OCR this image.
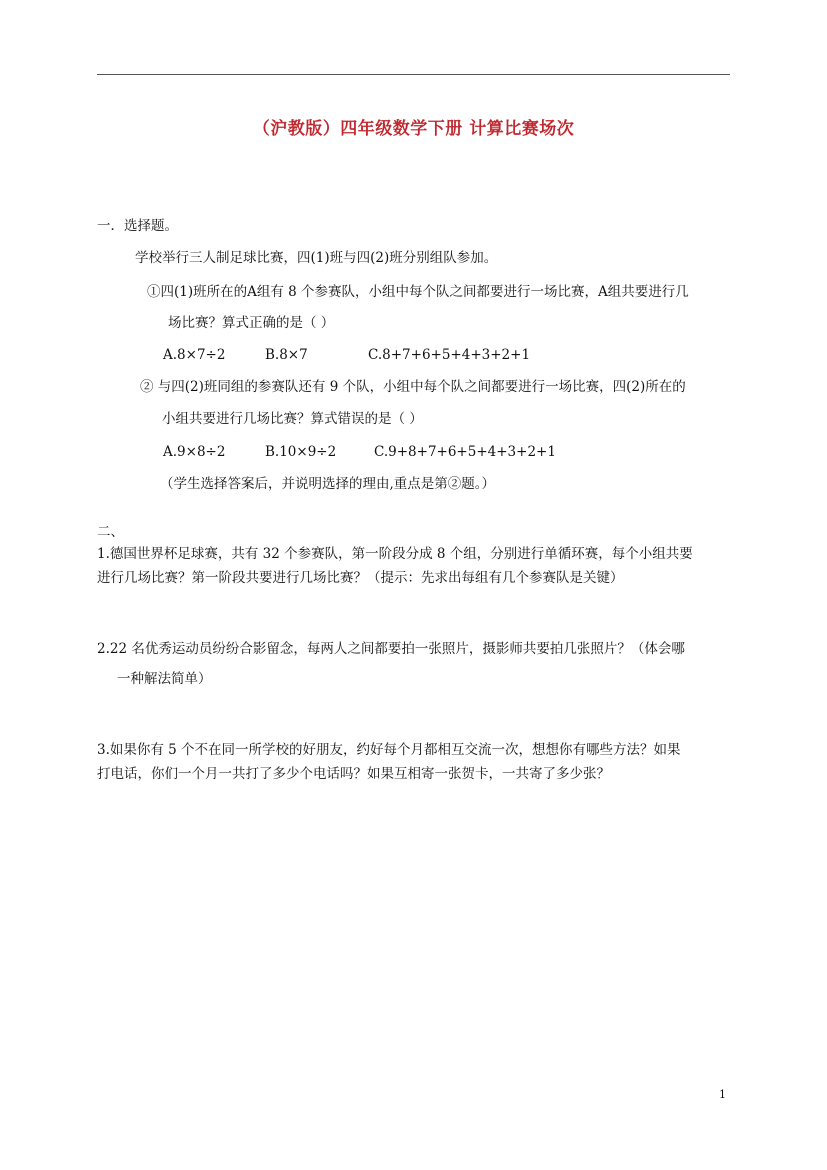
（沪教版）四年级数学下册 计算比赛场次
一．选择题。
学校举行三人制足球比赛，四(1)班与四(2)班分别组队参加。
①四(1)班所在的A组有 8 个参赛队，小组中每个队之间都要进行一场比赛，A组共要进行几
场比赛？算式正确的是（ ）
A.8×7÷2	B.8×7	C.8+7+6+5+4+3+2+1
② 与四(2)班同组的参赛队还有 9 个队，小组中每个队之间都要进行一场比赛，四(2)所在的
小组共要进行几场比赛？算式错误的是（ ）
A.9×8÷2	B.10×9÷2	C.9+8+7+6+5+4+3+2+1
（学生选择答案后，并说明选择的理由,重点是第②题。）
二、
1.德国世界杯足球赛，共有 32 个参赛队，第一阶段分成 8 个组，分别进行单循环赛，每个小组共要
进行几场比赛？第一阶段共要进行几场比赛？（提示：先求出每组有几个参赛队是关键）
2.22 名优秀运动员纷纷合影留念，每两人之间都要拍一张照片，摄影师共要拍几张照片？（体会哪
一种解法简单）
3.如果你有 5 个不在同一所学校的好朋友，约好每个月都相互交流一次，想想你有哪些方法？如果
打电话，你们一个月一共打了多少个电话吗？如果互相寄一张贺卡，一共寄了多少张？
1
